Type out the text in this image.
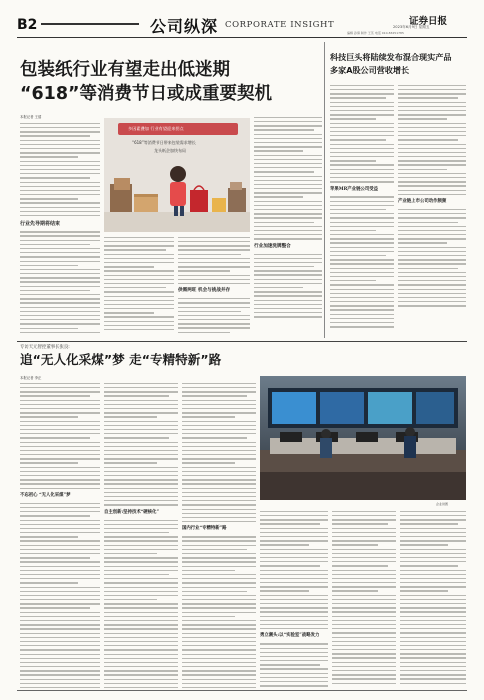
B2	公司纵深 CORPORATE INSIGHT	证券日报
2023年6月9日 星期五
编辑 孙倩 制作 王茗 电话 010-83251785
包装纸行业有望走出低迷期
“618”等消费节日或成重要契机
本报记者 王僖
行业先导期将结束
多因素叠加 行业有望迎来拐点
“618”等消费节日带来包装需求增长
龙头纸企加快布局
供需两旺 机会与挑战并存
行业加速洗牌整合
科技巨头将陆续发布混合现实产品
多家A股公司营收增长
苹果MR产业链公司受益
产业链上市公司动作频频
专访天元智控董事长张良:
追“无人化采煤”梦 走“专精特新”路
本报记者 李正
不忘初心 “无人化采煤”梦
自主创新:坚持技术“硬核化”
国内行业“专精特新”路
企业供图
勇立潮头:以“实验室”战略发力
